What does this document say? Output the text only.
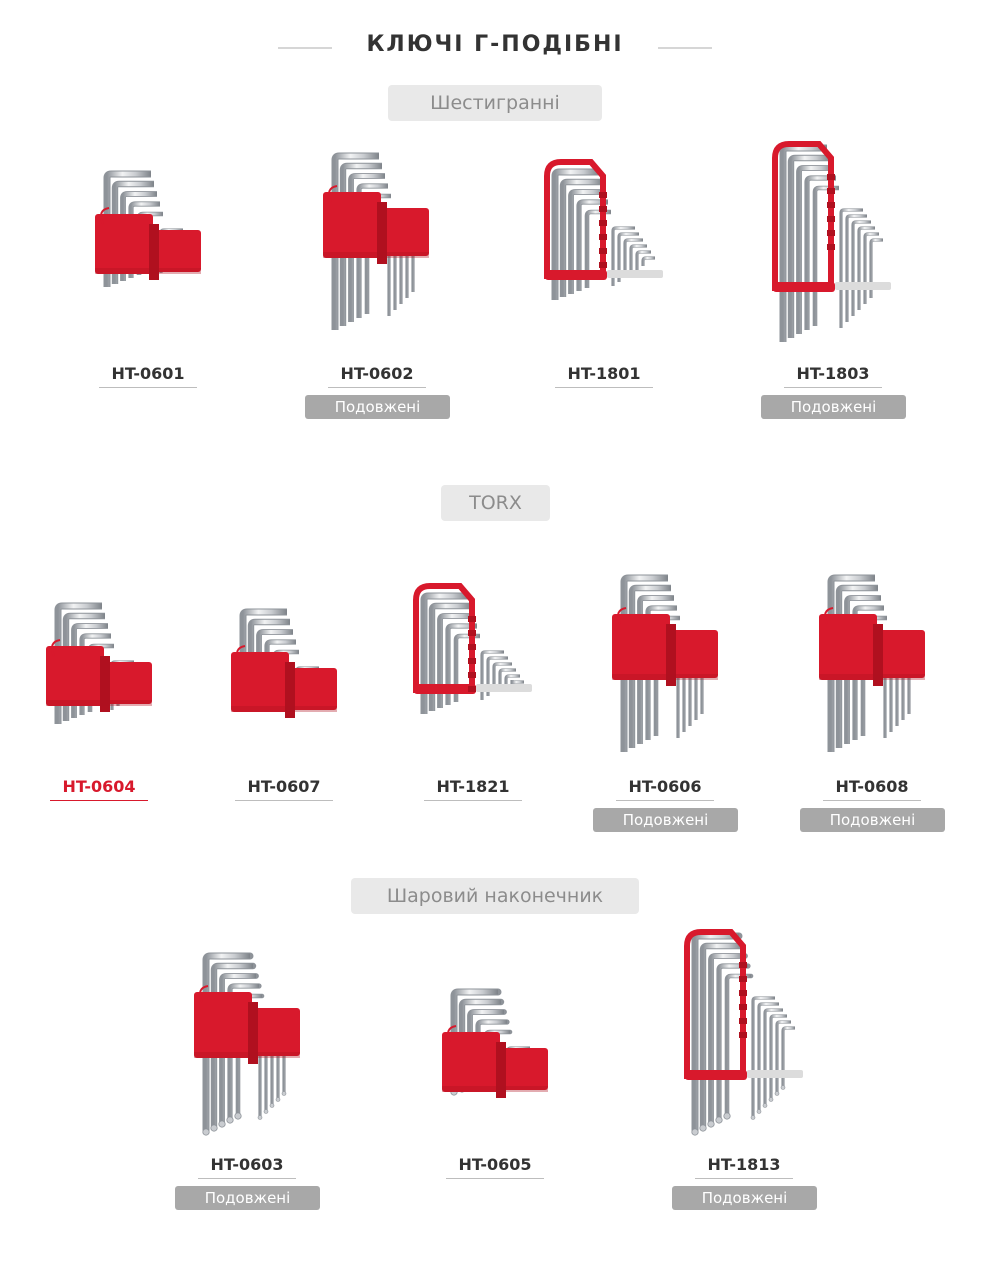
КЛЮЧІ Г-ПОДІБНІ
Шестигранні
TORX
Шаровий наконечник
HT-0601	HT-0602
Подовжені
HT-1801	HT-1803
Подовжені
HT-0604	HT-0607	HT-1821	HT-0606
Подовжені
HT-0608
Подовжені
HT-0603
Подовжені
HT-0605	HT-1813
Подовжені
